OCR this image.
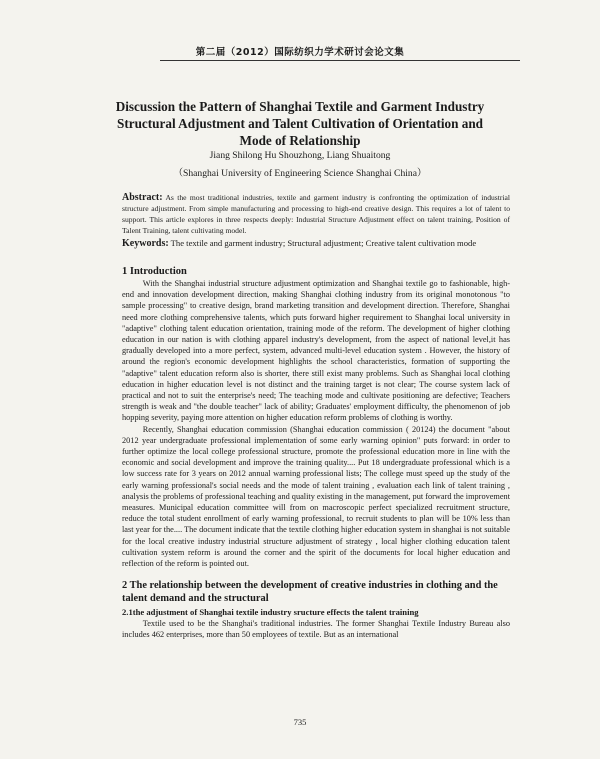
第二届（2012）国际纺织力学术研讨会论文集
Discussion the Pattern of Shanghai Textile and Garment Industry
Structural Adjustment and Talent Cultivation of Orientation and
Mode of Relationship
Jiang Shilong Hu Shouzhong, Liang Shuaitong
（Shanghai University of Engineering Science Shanghai China）
Abstract: As the most traditional industries, textile and garment industry is confronting the optimization of industrial structure adjustment. From simple manufacturing and processing to high-end creative design. This requires a lot of talent to support. This article explores in three respects deeply: Industrial Structure Adjustment effect on talent training, Position of Talent Training, talent cultivating model.
Keywords: The textile and garment industry; Structural adjustment; Creative talent cultivation mode
1 Introduction

With the Shanghai industrial structure adjustment optimization and Shanghai textile go to fashionable, high-end and innovation development direction, making Shanghai clothing industry from its original monotonous "to sample processing" to creative design, brand marketing transition and development direction. Therefore, Shanghai need more clothing comprehensive talents, which puts forward higher requirement to Shanghai local university in "adaptive" clothing talent education orientation, training mode of the reform. The development of higher clothing education in our nation is with clothing apparel industry's development, from the aspect of national level,it has gradually developed into a more perfect, system, advanced multi-level education system . However, the history of around the region's economic development highlights the school characteristics, formation of supporting the "adaptive" talent education reform also is shorter, there still exist many problems. Such as Shanghai local clothing education in higher education level is not distinct and the training target is not clear; The course system lack of practical and not to suit the enterprise's need; The teaching mode and cultivate positioning are defective; Teachers strength is weak and "the double teacher" lack of ability; Graduates' employment difficulty, the phenomenon of job hopping severity, paying more attention on higher education reform problems of clothing is worthy.

Recently, Shanghai education commission (Shanghai education commission ( 20124) the document "about 2012 year undergraduate professional implementation of some early warning opinion" puts forward: in order to further optimize the local college professional structure, promote the professional education more in line with the economic and social development and improve the training quality.... Put 18 undergraduate professional which is a low success rate for 3 years on 2012 annual warning professional lists; The college must speed up the study of the early warning professional's social needs and the mode of talent training , evaluation each link of talent training , analysis the problems of professional teaching and quality existing in the management, put forward the improvement measures. Municipal education committee will from on macroscopic perfect specialized recruitment structure, reduce the total student enrollment of early warning professional, to recruit students to plan will be 10% less than last year for the.... The document indicate that the textile clothing higher education system in shanghai is not suitable for the local creative industry industrial structure adjustment of strategy , local higher clothing education talent cultivation system reform is around the corner and the spirit of the documents for local higher education and reflection of the reform is pointed out.

2 The relationship between the development of creative industries in clothing and the talent demand and the structural
2.1the adjustment of Shanghai textile industry sructure effects the talent training

Textile used to be the Shanghai's traditional industries. The former Shanghai Textile Industry Bureau also includes 462 enterprises, more than 50 employees of textile. But as an international

735
